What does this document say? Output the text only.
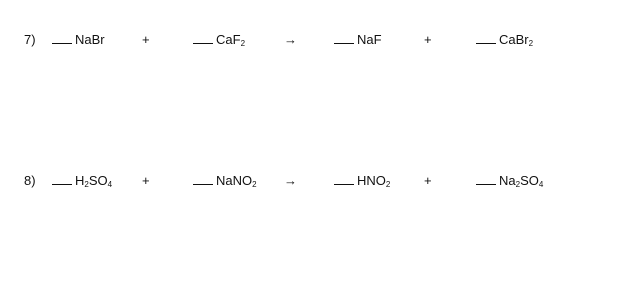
7)	NaBr	+	CaF$_2$	→	NaF	+	CaBr$_2$
8)	$H_2SO_4$ +	NaNO$_2$ →	$HNO_2$	+	$Na_2SO_4$
